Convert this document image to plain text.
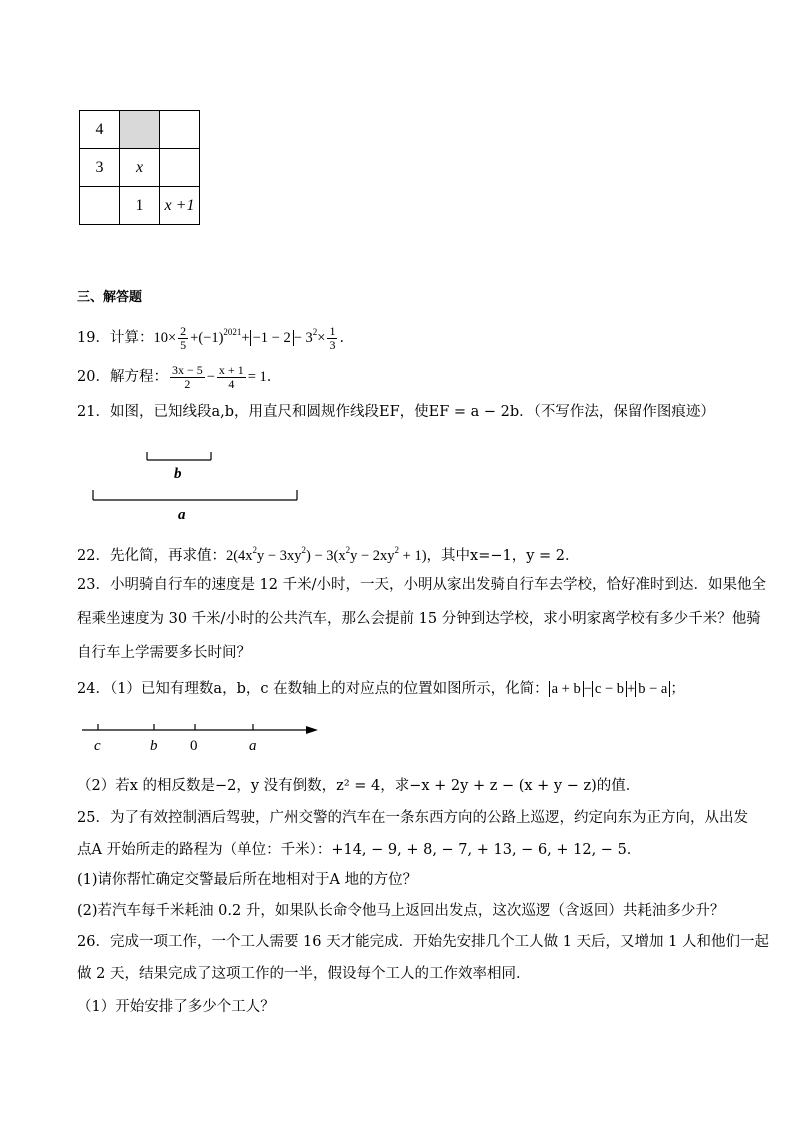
4		
3	x	
	1	x +1
三、解答题
19．计算：$10\times \frac{2}{5} +(-1)^{2021}+ -1 - 2 - 3^2\times \frac{1}{3}$ ．
20．解方程： $\frac{3x - 5}{2} - \frac{x + 1}{4} = 1$．
21．如图，已知线段a,b，用直尺和圆规作线段EF，使EF = a − 2b．（不写作法，保留作图痕迹）
b
a
22．先化简，再求值：$2(4x^2y - 3xy^2) - 3(x^2y - 2xy^2 + 1)$，其中x=−1，y = 2．
23．小明骑自行车的速度是 12 千米/小时，一天，小明从家出发骑自行车去学校，恰好准时到达．如果他全
程乘坐速度为 30 千米/小时的公共汽车，那么会提前 15 分钟到达学校，求小明家离学校有多少千米？他骑
自行车上学需要多长时间？
24．（1）已知有理数a，b，c 在数轴上的对应点的位置如图所示，化简： a + b − c − b + b − a ；
c	b 0	a
（2）若x 的相反数是−2，y 没有倒数，z² = 4，求−x + 2y + z − (x + y − z)的值．
25．为了有效控制酒后驾驶，广州交警的汽车在一条东西方向的公路上巡逻，约定向东为正方向，从出发
点A 开始所走的路程为（单位：千米）：+14, − 9, + 8, − 7, + 13, − 6, + 12, − 5．
(1)请你帮忙确定交警最后所在地相对于A 地的方位？
(2)若汽车每千米耗油 0.2 升，如果队长命令他马上返回出发点，这次巡逻（含返回）共耗油多少升？
26．完成一项工作，一个工人需要 16 天才能完成．开始先安排几个工人做 1 天后，又增加 1 人和他们一起
做 2 天，结果完成了这项工作的一半，假设每个工人的工作效率相同．
（1）开始安排了多少个工人？
